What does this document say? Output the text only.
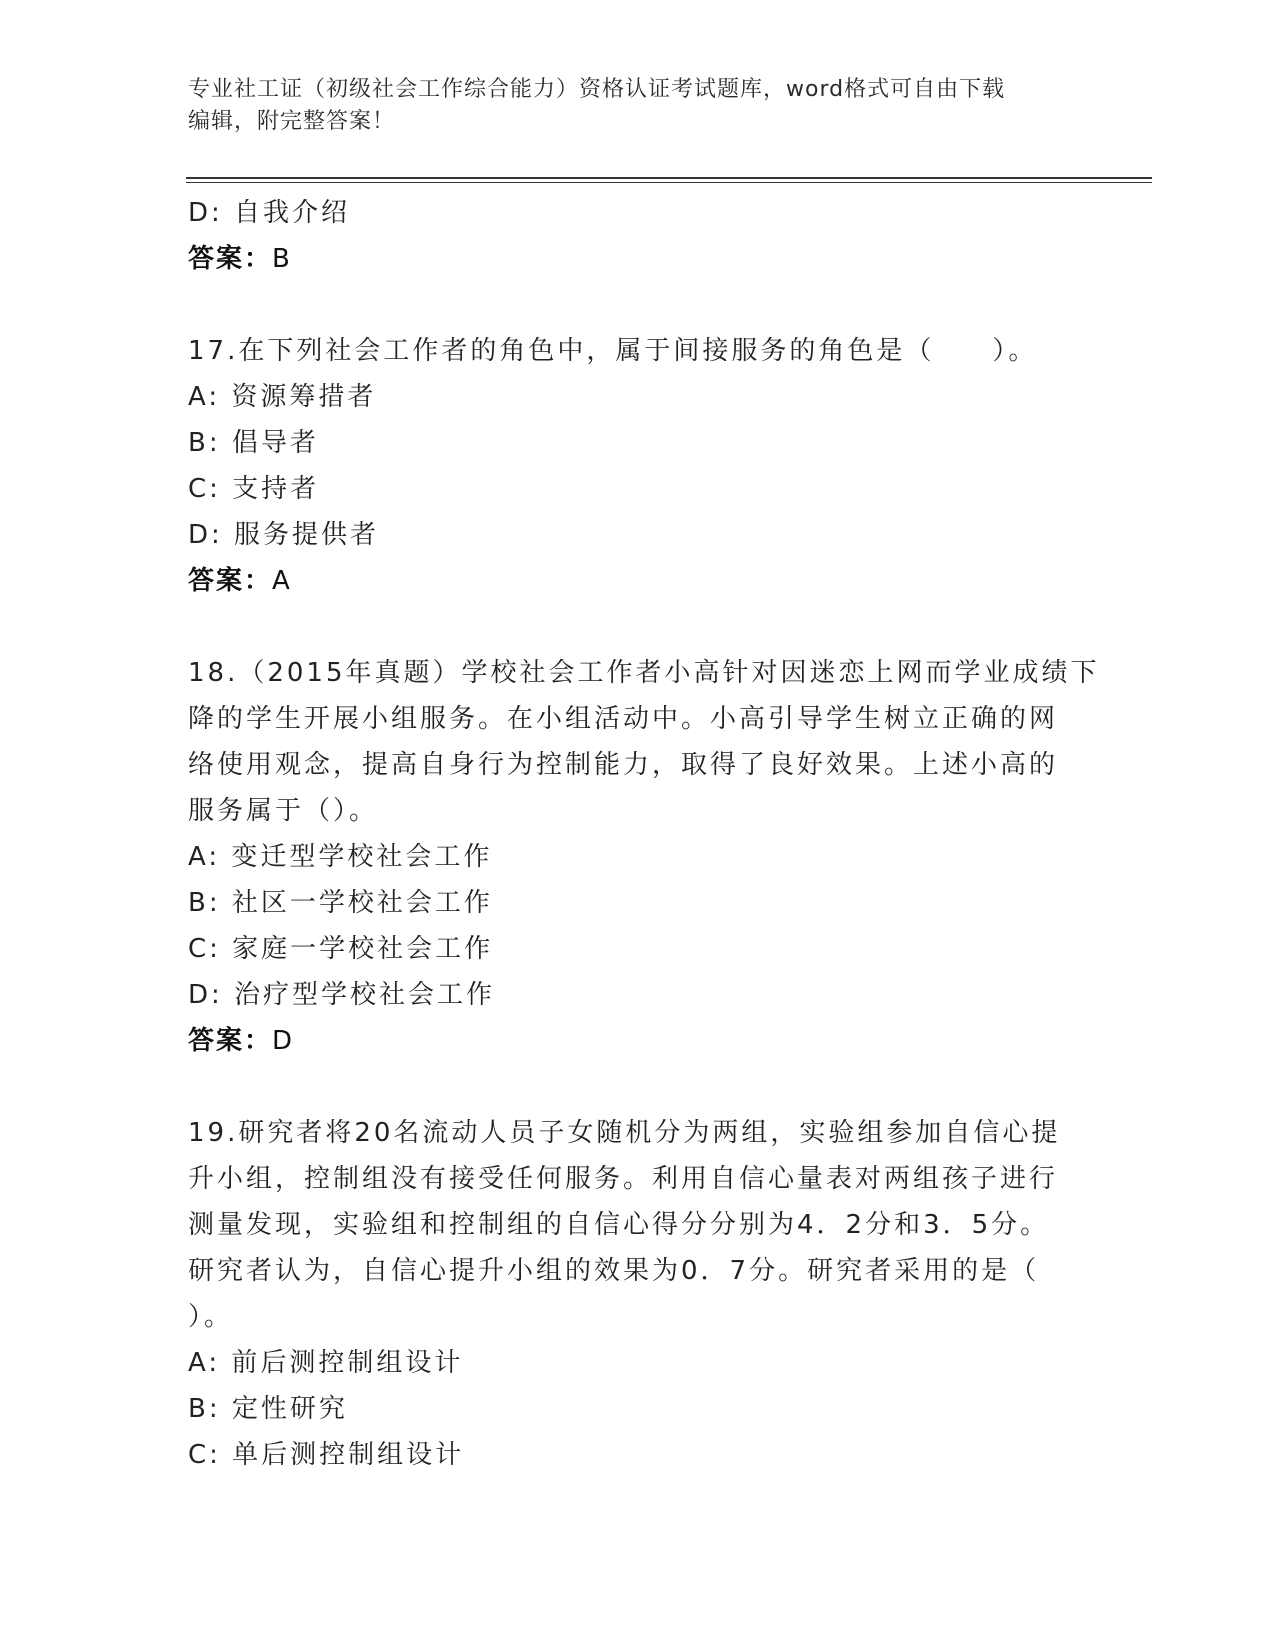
专业社工证（初级社会工作综合能力）资格认证考试题库，word格式可自由下载
编辑，附完整答案！
D: 自我介绍
答案：B
17.在下列社会工作者的角色中，属于间接服务的角色是（　　）。
A: 资源筹措者
B: 倡导者
C: 支持者
D: 服务提供者
答案：A
18.（2015年真题）学校社会工作者小高针对因迷恋上网而学业成绩下
降的学生开展小组服务。在小组活动中。小高引导学生树立正确的网
络使用观念，提高自身行为控制能力，取得了良好效果。上述小高的
服务属于（）。
A: 变迁型学校社会工作
B: 社区一学校社会工作
C: 家庭一学校社会工作
D: 治疗型学校社会工作
答案：D
19.研究者将20名流动人员子女随机分为两组，实验组参加自信心提
升小组，控制组没有接受任何服务。利用自信心量表对两组孩子进行
测量发现，实验组和控制组的自信心得分分别为4．2分和3．5分。
研究者认为，自信心提升小组的效果为0．7分。研究者采用的是（
）。
A: 前后测控制组设计
B: 定性研究
C: 单后测控制组设计
